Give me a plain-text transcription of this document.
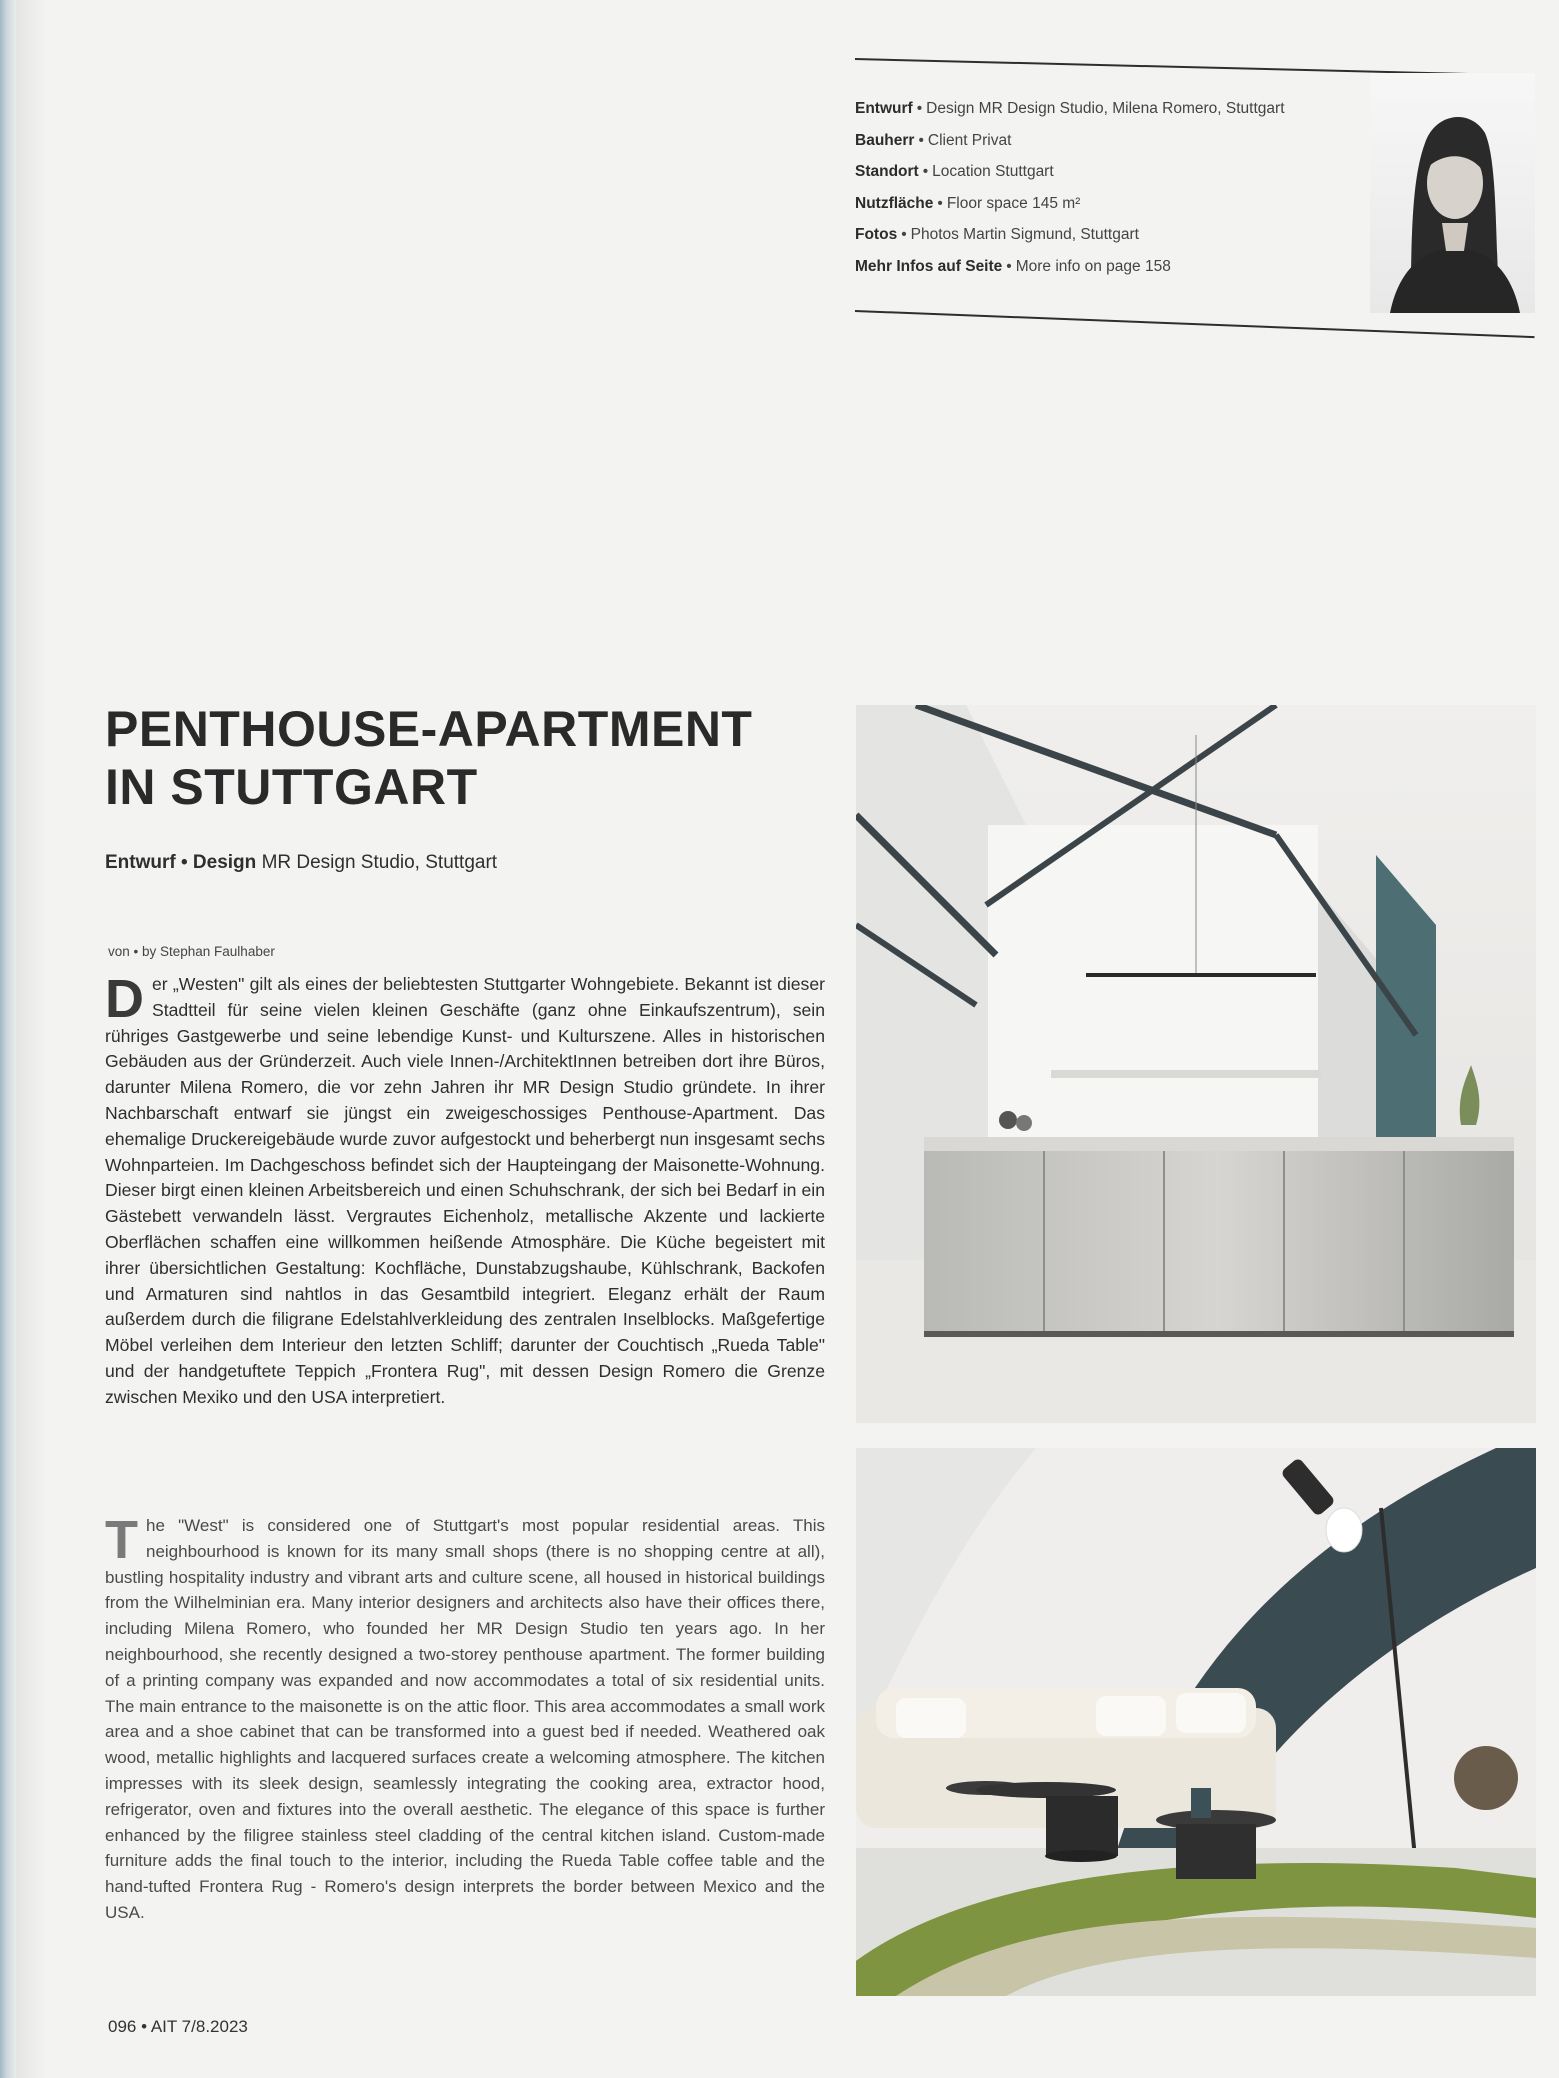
Entwurf • Design MR Design Studio, Milena Romero, Stuttgart
Bauherr • Client Privat
Standort • Location Stuttgart
Nutzfläche • Floor space 145 m²
Fotos • Photos Martin Sigmund, Stuttgart
Mehr Infos auf Seite • More info on page 158
PENTHOUSE-APARTMENT
IN STUTTGART
Entwurf • Design MR Design Studio, Stuttgart
von • by Stephan Faulhaber
Der „Westen" gilt als eines der beliebtesten Stuttgarter Wohngebiete. Bekannt ist dieser Stadtteil für seine vielen kleinen Geschäfte (ganz ohne Einkaufszentrum), sein rühriges Gastgewerbe und seine lebendige Kunst- und Kulturszene. Alles in historischen Gebäuden aus der Gründerzeit. Auch viele Innen-/ArchitektInnen betreiben dort ihre Büros, darunter Milena Romero, die vor zehn Jahren ihr MR Design Studio gründete. In ihrer Nachbarschaft entwarf sie jüngst ein zweigeschossiges Penthouse-Apartment. Das ehemalige Druckereigebäude wurde zuvor aufgestockt und beherbergt nun insgesamt sechs Wohnparteien. Im Dachgeschoss befindet sich der Haupteingang der Maisonette-Wohnung. Dieser birgt einen kleinen Arbeitsbereich und einen Schuhschrank, der sich bei Bedarf in ein Gästebett verwandeln lässt. Vergrautes Eichenholz, metallische Akzente und lackierte Oberflächen schaffen eine willkommen heißende Atmosphäre. Die Küche begeistert mit ihrer übersichtlichen Gestaltung: Kochfläche, Dunstabzugshaube, Kühlschrank, Backofen und Armaturen sind nahtlos in das Gesamtbild integriert. Eleganz erhält der Raum außerdem durch die filigrane Edelstahlverkleidung des zentralen Inselblocks. Maßgefertige Möbel verleihen dem Interieur den letzten Schliff; darunter der Couchtisch „Rueda Table" und der handgetuftete Teppich „Frontera Rug", mit dessen Design Romero die Grenze zwischen Mexiko und den USA interpretiert.
The "West" is considered one of Stuttgart's most popular residential areas. This neighbourhood is known for its many small shops (there is no shopping centre at all), bustling hospitality industry and vibrant arts and culture scene, all housed in historical buildings from the Wilhelminian era. Many interior designers and architects also have their offices there, including Milena Romero, who founded her MR Design Studio ten years ago. In her neighbourhood, she recently designed a two-storey penthouse apartment. The former building of a printing company was expanded and now accommodates a total of six residential units. The main entrance to the maisonette is on the attic floor. This area accommodates a small work area and a shoe cabinet that can be transformed into a guest bed if needed. Weathered oak wood, metallic highlights and lacquered surfaces create a welcoming atmosphere. The kitchen impresses with its sleek design, seamlessly integrating the cooking area, extractor hood, refrigerator, oven and fixtures into the overall aesthetic. The elegance of this space is further enhanced by the filigree stainless steel cladding of the central kitchen island. Custom-made furniture adds the final touch to the interior, including the Rueda Table coffee table and the hand-tufted Frontera Rug - Romero's design interprets the border between Mexico and the USA.
096 • AIT 7/8.2023
